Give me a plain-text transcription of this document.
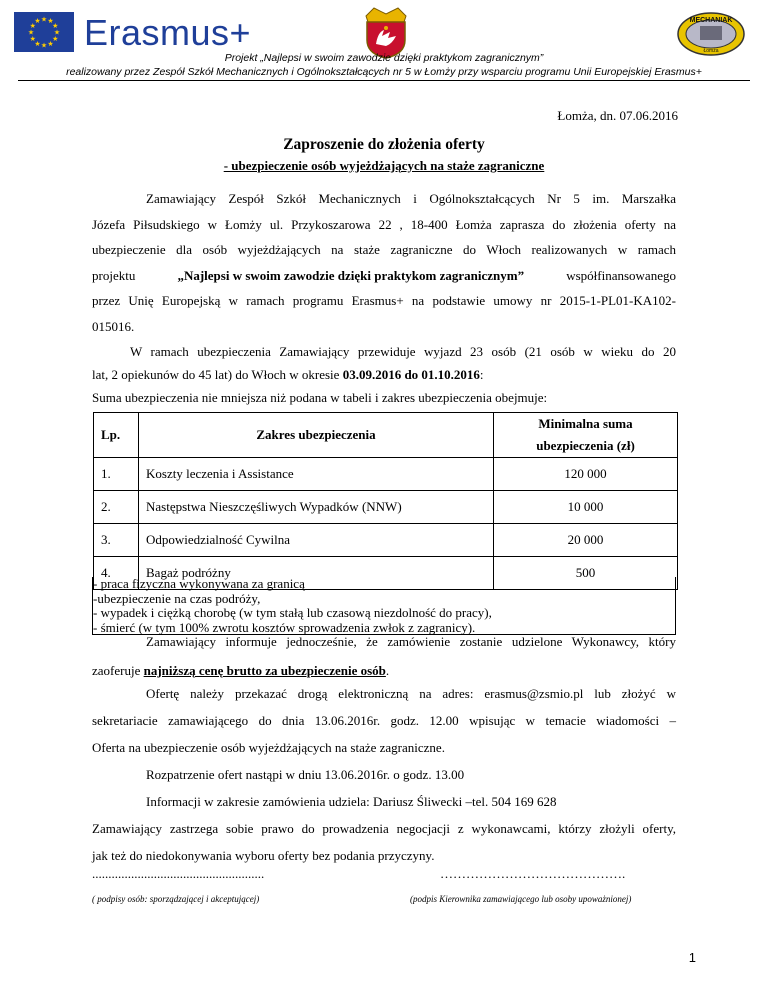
★ ★
★
★
★
★
★
★
★
★
★
★ Erasmus+	MECHANIAK
Łomża
Projekt „Najlepsi w swoim zawodzie dzięki praktykom zagranicznym”
realizowany przez Zespół Szkół Mechanicznych i Ogólnokształcących nr 5 w Łomży przy wsparciu programu Unii Europejskiej Erasmus+
Łomża, dn. 07.06.2016
Zaproszenie do złożenia oferty
- ubezpieczenie osób wyjeżdżających na staże zagraniczne
Zamawiający Zespół Szkół Mechanicznych i Ogólnokształcących Nr 5 im. Marszałka
Józefa Piłsudskiego w Łomży ul. Przykoszarowa 22 , 18-400 Łomża zaprasza do złożenia oferty na
ubezpieczenie dla osób wyjeżdżających na staże zagraniczne do Włoch realizowanych w ramach
projektu	„Najlepsi w swoim zawodzie dzięki praktykom zagranicznym”	współfinansowanego
przez Unię Europejską w ramach programu Erasmus+ na podstawie umowy nr 2015-1-PL01-KA102-
015016.
W ramach ubezpieczenia Zamawiający przewiduje wyjazd 23 osób (21 osób w wieku do 20
lat, 2 opiekunów do 45 lat) do Włoch w okresie 03.09.2016 do 01.10.2016:
Suma ubezpieczenia nie mniejsza niż podana w tabeli i zakres ubezpieczenia obejmuje:
Lp.	Zakres ubezpieczenia	Minimalna suma
ubezpieczenia (zł)
1.	Koszty leczenia i Assistance	120 000
2.	Następstwa Nieszczęśliwych Wypadków (NNW)	10 000
3.	Odpowiedzialność Cywilna	20 000
4.	Bagaż podróżny	500
- praca fizyczna wykonywana za granicą
-ubezpieczenie na czas podróży,
- wypadek i ciężką chorobę (w tym stałą lub czasową niezdolność do pracy),
- śmierć (w tym 100% zwrotu kosztów sprowadzenia zwłok z zagranicy).
Zamawiający informuje jednocześnie, że zamówienie zostanie udzielone Wykonawcy, który
zaoferuje najniższą cenę brutto za ubezpieczenie osób.
Ofertę należy przekazać drogą elektroniczną na adres: erasmus@zsmio.pl lub złożyć w
sekretariacie zamawiającego do dnia 13.06.2016r. godz. 12.00 wpisując w temacie wiadomości –
Oferta na ubezpieczenie osób wyjeżdżających na staże zagraniczne.
Rozpatrzenie ofert nastąpi w dniu 13.06.2016r. o godz. 13.00
Informacji w zakresie zamówienia udziela: Dariusz Śliwecki –tel. 504 169 628
Zamawiający zastrzega sobie prawo do prowadzenia negocjacji z wykonawcami, którzy złożyli oferty,
jak też do niedokonywania wyboru oferty bez podania przyczyny.
.....................................................
( podpisy osób: sporządzającej i akceptującej)
…………………………………….
(podpis Kierownika zamawiającego lub osoby upoważnionej)
1
